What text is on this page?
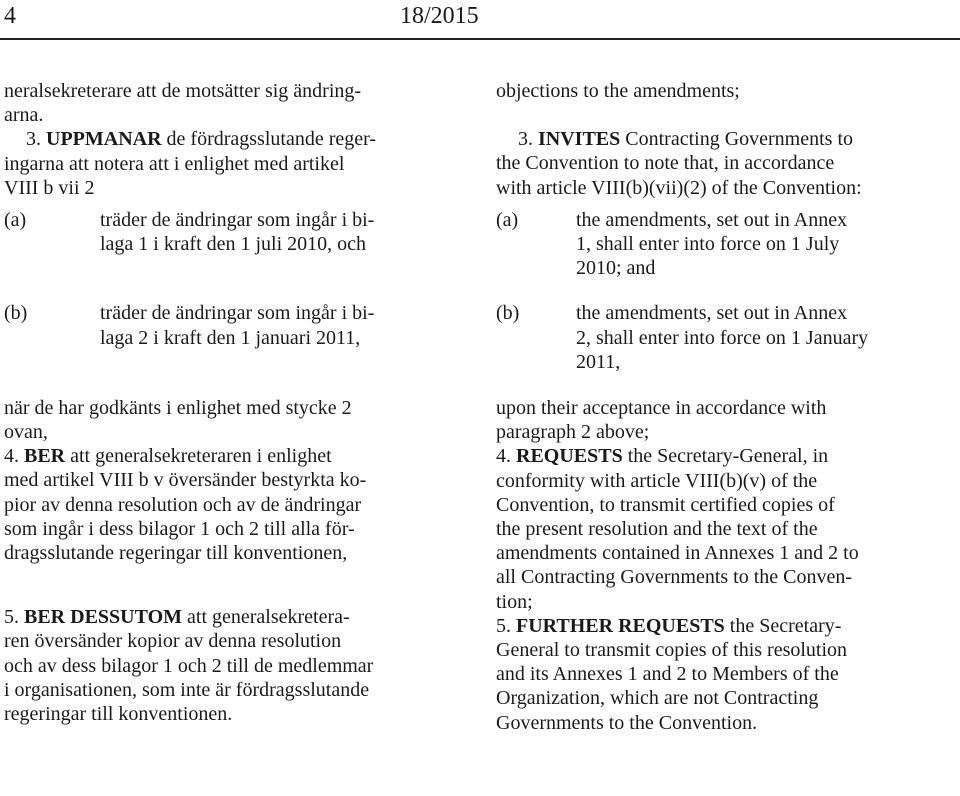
4	18/2015

neralsekreterare att de motsätter sig ändring-
arna.

3. UPPMANAR de fördragsslutande reger-
ingarna att notera att i enlighet med artikel
VIII b vii 2

(a)	träder de ändringar som ingår i bi-
laga 1 i kraft den 1 juli 2010, och
(b)	träder de ändringar som ingår i bi-
laga 2 i kraft den 1 januari 2011,

när de har godkänts i enlighet med stycke 2
ovan,

4. BER att generalsekreteraren i enlighet
med artikel VIII b v översänder bestyrkta ko-
pior av denna resolution och av de ändringar
som ingår i dess bilagor 1 och 2 till alla för-
dragsslutande regeringar till konventionen,

5. BER DESSUTOM att generalsekretera-
ren översänder kopior av denna resolution
och av dess bilagor 1 och 2 till de medlemmar
i organisationen, som inte är fördragsslutande
regeringar till konventionen.

objections to the amendments;

3. INVITES Contracting Governments to
the Convention to note that, in accordance
with article VIII(b)(vii)(2) of the Convention:

(a)	the amendments, set out in Annex
1, shall enter into force on 1 July
2010; and
(b)	the amendments, set out in Annex
2, shall enter into force on 1 January
2011,

upon their acceptance in accordance with
paragraph 2 above;

4. REQUESTS the Secretary-General, in
conformity with article VIII(b)(v) of the
Convention, to transmit certified copies of
the present resolution and the text of the
amendments contained in Annexes 1 and 2 to
all Contracting Governments to the Conven-
tion;

5. FURTHER REQUESTS the Secretary-
General to transmit copies of this resolution
and its Annexes 1 and 2 to Members of the
Organization, which are not Contracting
Governments to the Convention.
